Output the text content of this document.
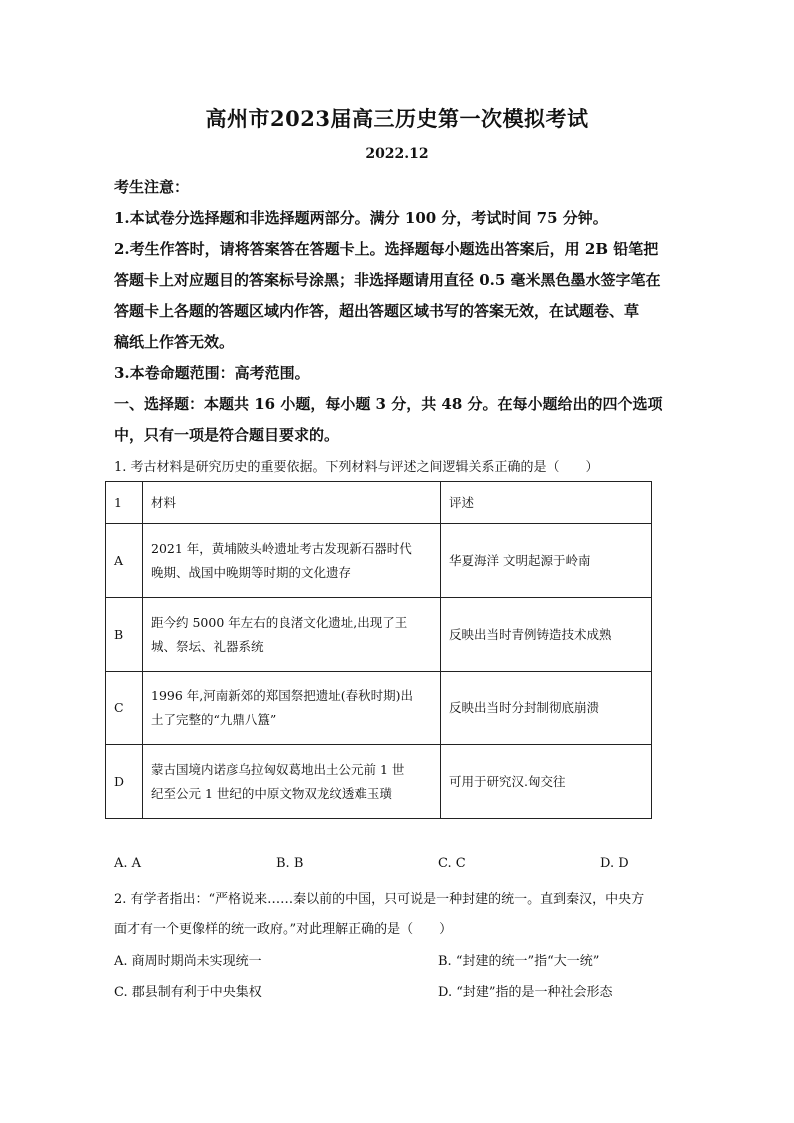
高州市2023届高三历史第一次模拟考试
2022.12
考生注意：
1.本试卷分选择题和非选择题两部分。满分 100 分，考试时间 75 分钟。
2.考生作答时，请将答案答在答题卡上。选择题每小题选出答案后，用 2B 铅笔把
答题卡上对应题目的答案标号涂黑；非选择题请用直径 0.5 毫米黑色墨水签字笔在
答题卡上各题的答题区域内作答，超出答题区域书写的答案无效，在试题卷、草
稿纸上作答无效。
3.本卷命题范围：高考范围。
一、选择题：本题共 16 小题，每小题 3 分，共 48 分。在每小题给出的四个选项
中，只有一项是符合题目要求的。
1. 考古材料是研究历史的重要依据。下列材料与评述之间逻辑关系正确的是（　　）
1	材料	评述
A	2021 年，黄埔陂头岭遗址考古发现新石器时代
晚期、战国中晚期等时期的文化遗存	华夏海洋 文明起源于岭南
B	距今约 5000 年左右的良渚文化遗址,出现了王
城、祭坛、礼器系统	反映出当时青例铸造技术成熟
C	1996 年,河南新郊的郑国祭把遗址(春秋时期)出
土了完整的“九鼎八簋”	反映出当时分封制彻底崩溃
D	蒙古国境内诺彦乌拉匈奴葛地出土公元前 1 世
纪至公元 1 世纪的中原文物双龙纹透难玉璜	可用于研究汉.匈交往
A. A	B. B	C. C	D. D
2. 有学者指出：“严格说来……秦以前的中国，只可说是一种封建的统一。直到秦汉，中央方
面才有一个更像样的统一政府。”对此理解正确的是（　　）
A. 商周时期尚未实现统一	B. “封建的统一”指“大一统”
C. 郡县制有利于中央集权	D. “封建”指的是一种社会形态
